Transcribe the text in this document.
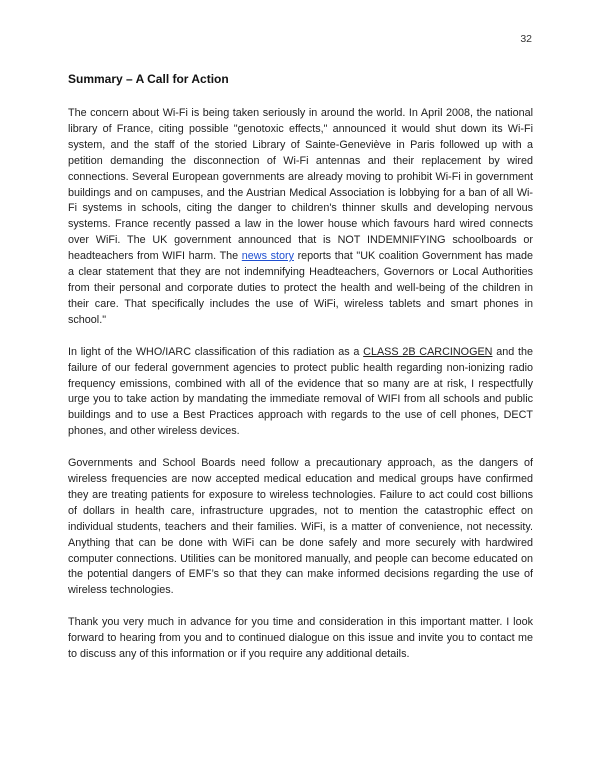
32
Summary – A Call for Action

The concern about Wi-Fi is being taken seriously in around the world. In April 2008, the national library of France, citing possible "genotoxic effects," announced it would shut down its Wi-Fi system, and the staff of the storied Library of Sainte-Geneviève in Paris followed up with a petition demanding the disconnection of Wi-Fi antennas and their replacement by wired connections. Several European governments are already moving to prohibit Wi-Fi in government buildings and on campuses, and the Austrian Medical Association is lobbying for a ban of all Wi-Fi systems in schools, citing the danger to children's thinner skulls and developing nervous systems. France recently passed a law in the lower house which favours hard wired connects over WiFi. The UK government announced that is NOT INDEMNIFYING schoolboards or headteachers from WIFI harm. The news story reports that "UK coalition Government has made a clear statement that they are not indemnifying Headteachers, Governors or Local Authorities from their personal and corporate duties to protect the health and well-being of the children in their care. That specifically includes the use of WiFi, wireless tablets and smart phones in school."

In light of the WHO/IARC classification of this radiation as a CLASS 2B CARCINOGEN and the failure of our federal government agencies to protect public health regarding non-ionizing radio frequency emissions, combined with all of the evidence that so many are at risk, I respectfully urge you to take action by mandating the immediate removal of WIFI from all schools and public buildings and to use a Best Practices approach with regards to the use of cell phones, DECT phones, and other wireless devices.

Governments and School Boards need follow a precautionary approach, as the dangers of wireless frequencies are now accepted medical education and medical groups have confirmed they are treating patients for exposure to wireless technologies. Failure to act could cost billions of dollars in health care, infrastructure upgrades, not to mention the catastrophic effect on individual students, teachers and their families. WiFi, is a matter of convenience, not necessity. Anything that can be done with WiFi can be done safely and more securely with hardwired computer connections. Utilities can be monitored manually, and people can become educated on the potential dangers of EMF’s so that they can make informed decisions regarding the use of wireless technologies.

Thank you very much in advance for you time and consideration in this important matter. I look forward to hearing from you and to continued dialogue on this issue and invite you to contact me to discuss any of this information or if you require any additional details.
